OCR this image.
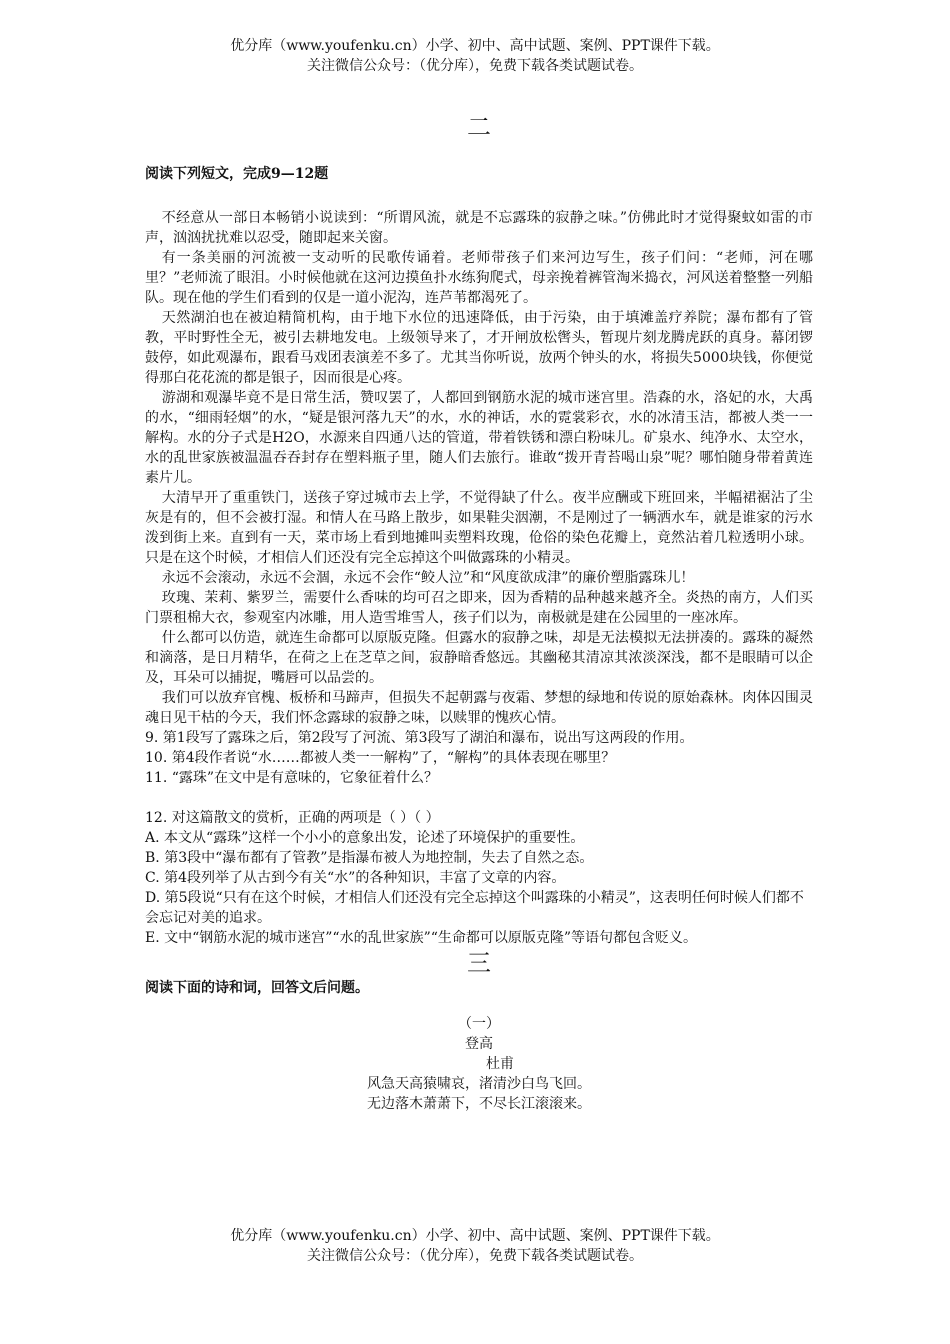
优分库（www.youfenku.cn）小学、初中、高中试题、案例、PPT课件下载。
关注微信公众号：（优分库），免费下载各类试题试卷。
二

阅读下列短文，完成9—12题

不经意从一部日本畅销小说读到：“所谓风流，就是不忘露珠的寂静之味。”仿佛此时才觉得聚蚊如雷的市声，汹汹扰扰难以忍受，随即起来关窗。

有一条美丽的河流被一支动听的民歌传诵着。老师带孩子们来河边写生，孩子们问：“老师，河在哪里？”老师流了眼泪。小时候他就在这河边摸鱼扑水练狗爬式，母亲挽着裤管淘米捣衣，河风送着整整一列船队。现在他的学生们看到的仅是一道小泥沟，连芦苇都渴死了。

天然湖泊也在被迫精简机构，由于地下水位的迅速降低，由于污染，由于填滩盖疗养院；瀑布都有了管教，平时野性全无，被引去耕地发电。上级领导来了，才开闸放松辔头，暂现片刻龙腾虎跃的真身。幕闭锣鼓停，如此观瀑布，跟看马戏团表演差不多了。尤其当你听说，放两个钟头的水，将损失5000块钱，你便觉得那白花花流的都是银子，因而很是心疼。

游湖和观瀑毕竟不是日常生活，赞叹罢了，人都回到钢筋水泥的城市迷宫里。浩森的水，洛妃的水，大禹的水，“细雨轻烟”的水，“疑是银河落九天”的水，水的神话，水的霓裳彩衣，水的冰清玉洁，都被人类一一解构。水的分子式是H2O，水源来自四通八达的管道，带着铁锈和漂白粉味儿。矿泉水、纯净水、太空水，水的乱世家族被温温吞吞封存在塑料瓶子里，随人们去旅行。谁敢“拨开青苔喝山泉”呢？哪怕随身带着黄连素片儿。

大清早开了重重铁门，送孩子穿过城市去上学，不觉得缺了什么。夜半应酬或下班回来，半幅裙裾沾了尘灰是有的，但不会被打湿。和情人在马路上散步，如果鞋尖洇潮，不是刚过了一辆洒水车，就是谁家的污水泼到街上来。直到有一天，菜市场上看到地摊叫卖塑料玫瑰，伧俗的染色花瓣上，竟然沾着几粒透明小球。只是在这个时候，才相信人们还没有完全忘掉这个叫做露珠的小精灵。

永远不会滚动，永远不会涸，永远不会作“鲛人泣”和“风度欲成津”的廉价塑脂露珠儿！

玫瑰、茉莉、紫罗兰，需要什么香味的均可召之即来，因为香精的品种越来越齐全。炎热的南方，人们买门票租棉大衣，参观室内冰雕，用人造雪堆雪人，孩子们以为，南极就是建在公园里的一座冰库。

什么都可以仿造，就连生命都可以原版克隆。但露水的寂静之味，却是无法模拟无法拼凑的。露珠的凝然和滴落，是日月精华，在荷之上在芝草之间，寂静暗香悠远。其幽秘其清凉其浓淡深浅，都不是眼睛可以企及，耳朵可以捕捉，嘴唇可以品尝的。

我们可以放弃官槐、板桥和马蹄声，但损失不起朝露与夜霜、梦想的绿地和传说的原始森林。肉体囚围灵魂日见干枯的今天，我们怀念露球的寂静之味，以赎罪的愧疚心情。

9. 第1段写了露珠之后，第2段写了河流、第3段写了湖泊和瀑布，说出写这两段的作用。

10. 第4段作者说“水……都被人类一一解构”了，“解构”的具体表现在哪里？

11. “露珠”在文中是有意味的，它象征着什么？

12. 对这篇散文的赏析，正确的两项是（ ）（ ）

A. 本文从“露珠”这样一个小小的意象出发，论述了环境保护的重要性。

B. 第3段中“瀑布都有了管教”是指瀑布被人为地控制，失去了自然之态。

C. 第4段列举了从古到今有关“水”的各种知识，丰富了文章的内容。

D. 第5段说“只有在这个时候，才相信人们还没有完全忘掉这个叫露珠的小精灵”，这表明任何时候人们都不会忘记对美的追求。

E. 文中“钢筋水泥的城市迷宫”“水的乱世家族”“生命都可以原版克隆”等语句都包含贬义。

三

阅读下面的诗和词，回答文后问题。

（一）
登高
杜甫
风急天高猿啸哀，渚清沙白鸟飞回。
无边落木萧萧下，不尽长江滚滚来。
优分库（www.youfenku.cn）小学、初中、高中试题、案例、PPT课件下载。
关注微信公众号：（优分库），免费下载各类试题试卷。
